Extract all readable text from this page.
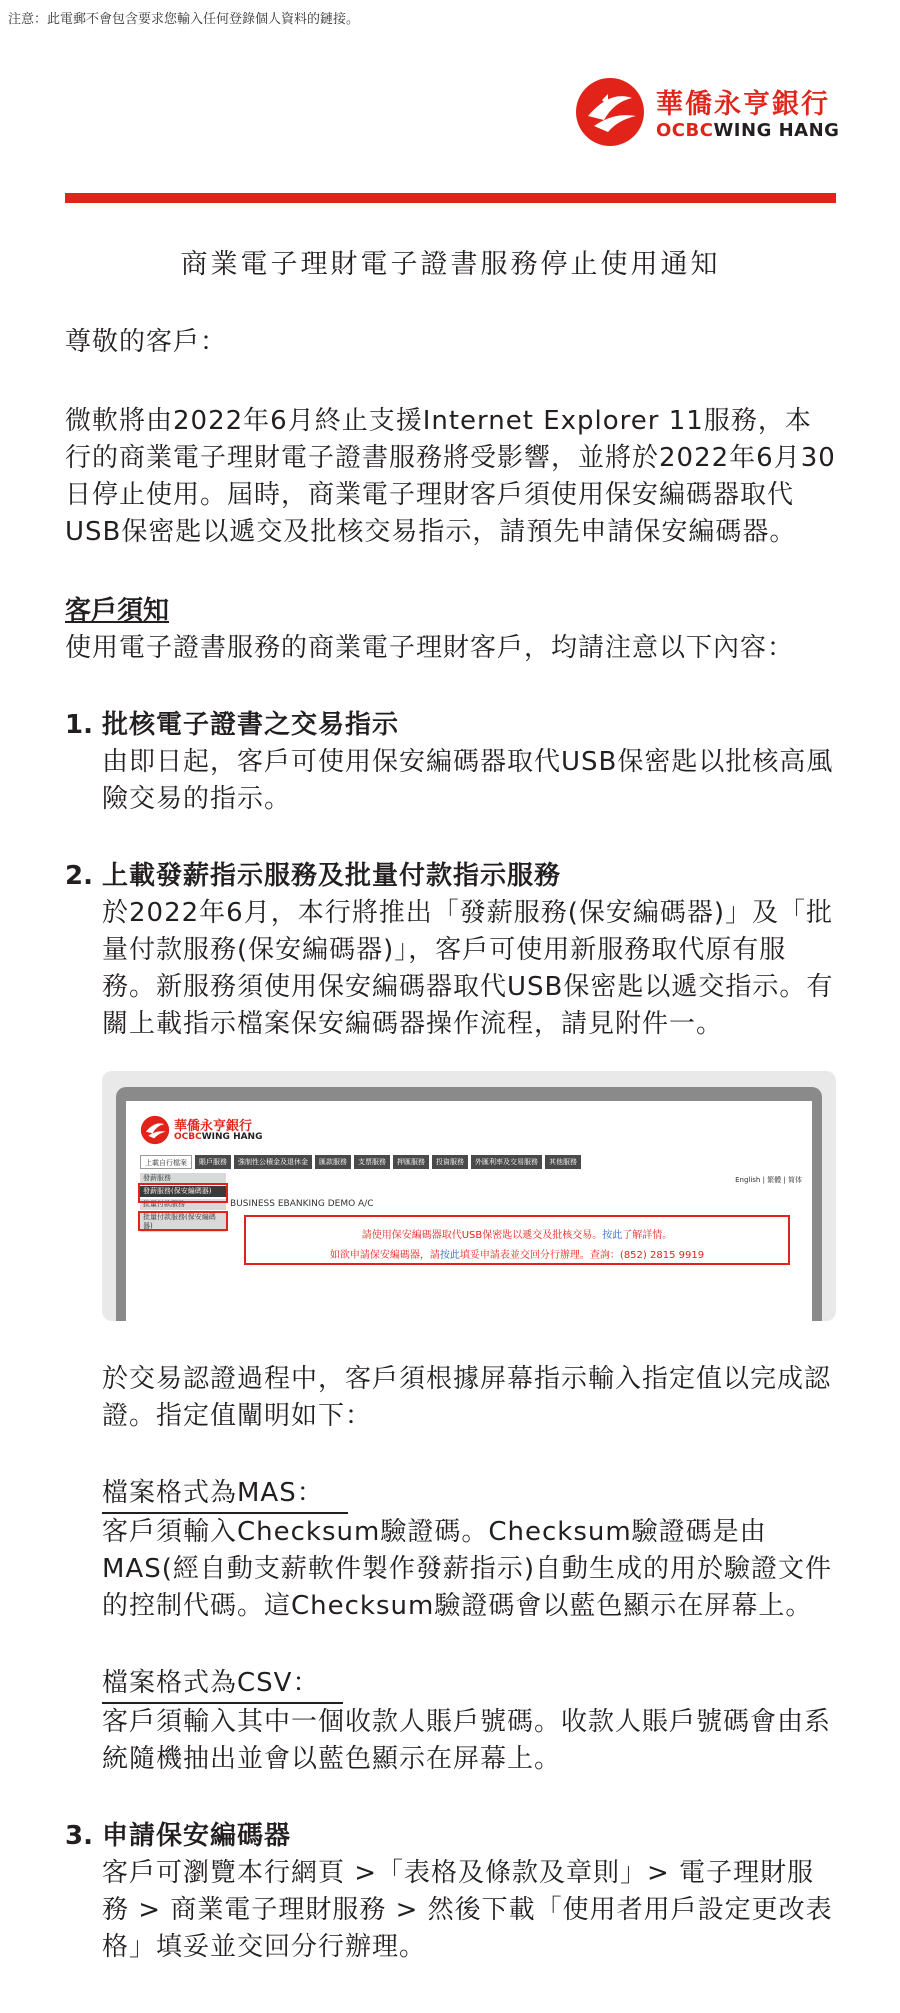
注意：此電郵不會包含要求您輸入任何登錄個人資料的鏈接。
華僑永亨銀行
OCBCWING HANG
商業電子理財電子證書服務停止使用通知
尊敬的客戶：
微軟將由2022年6月終止支援Internet Explorer 11服務，本行的商業電子理財電子證書服務將受影響，並將於2022年6月30日停止使用。屆時，商業電子理財客戶須使用保安編碼器取代USB保密匙以遞交及批核交易指示，請預先申請保安編碼器。
客戶須知
使用電子證書服務的商業電子理財客戶，均請注意以下內容：
1. 批核電子證書之交易指示
由即日起，客戶可使用保安編碼器取代USB保密匙以批核高風險交易的指示。
2. 上載發薪指示服務及批量付款指示服務
於2022年6月，本行將推出「發薪服務(保安編碼器)」及「批量付款服務(保安編碼器)」，客戶可使用新服務取代原有服務。新服務須使用保安編碼器取代USB保密匙以遞交指示。有關上載指示檔案保安編碼器操作流程，請見附件一。
華僑永亨銀行
OCBCWING HANG
上載自行檔案	賬戶服務	強制性公積金及退休金	匯款服務	支票服務	押匯服務	投資服務	外匯利率及交易服務	其他服務
發薪服務
發薪服務(保安編碼器)
批量付款服務
批量付款服務(保安編碼器)
English | 繁體 | 简体
BUSINESS EBANKING DEMO A/C
請使用保安編碼器取代USB保密匙以遞交及批核交易。按此了解詳情。
如欲申請保安編碼器，請按此填妥申請表並交回分行辦理。查詢：(852) 2815 9919
於交易認證過程中，客戶須根據屏幕指示輸入指定值以完成認證。指定值闡明如下：
檔案格式為MAS：
客戶須輸入Checksum驗證碼。Checksum驗證碼是由MAS(經自動支薪軟件製作發薪指示)自動生成的用於驗證文件的控制代碼。這Checksum驗證碼會以藍色顯示在屏幕上。
檔案格式為CSV：
客戶須輸入其中一個收款人賬戶號碼。收款人賬戶號碼會由系統隨機抽出並會以藍色顯示在屏幕上。
3. 申請保安編碼器
客戶可瀏覽本行網頁 >「表格及條款及章則」> 電子理財服務 > 商業電子理財服務 > 然後下載「使用者用戶設定更改表格」填妥並交回分行辦理。
